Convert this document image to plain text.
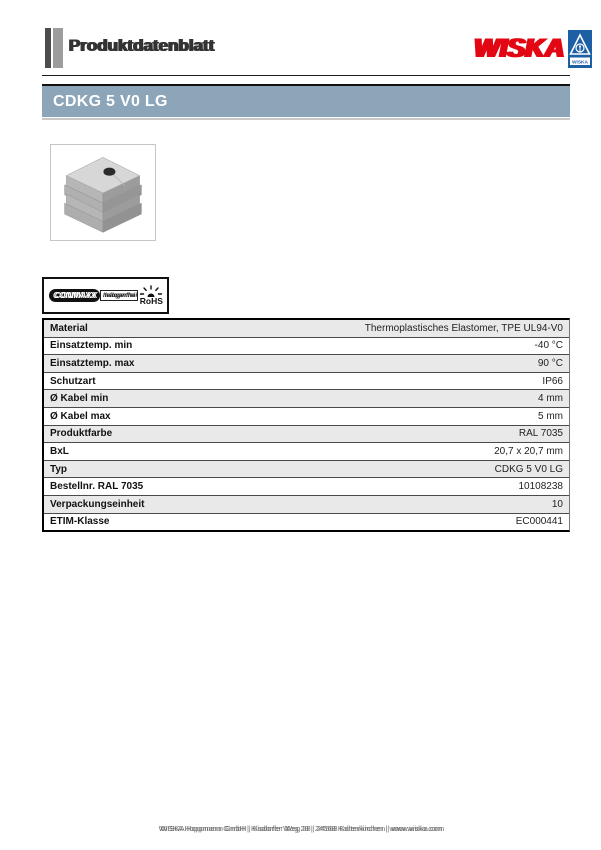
Produktdatenblatt	WISKA WISKA
CDKG 5 V0 LG
CONMAXX	halogenfrei
RoHS
Material	Thermoplastisches Elastomer, TPE UL94-V0
Einsatztemp. min	-40 °C
Einsatztemp. max	90 °C
Schutzart	IP66
Ø Kabel min	4 mm
Ø Kabel max	5 mm
Produktfarbe	RAL 7035
BxL	20,7 x 20,7 mm
Typ	CDKG 5 V0 LG
Bestellnr. RAL 7035	10108238
Verpackungseinheit	10
ETIM-Klasse	EC000441
WISKA Hoppmann GmbH | Kisdorfer Weg 28 | 24568 Kaltenkirchen | www.wiska.com
